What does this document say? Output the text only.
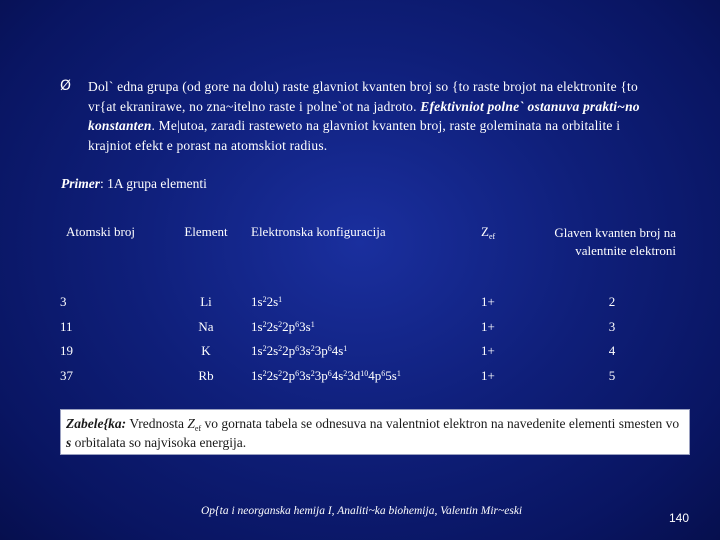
Ø Dol` edna grupa (od gore na dolu) raste glavniot kvanten broj so {to raste brojot na elektronite {to vr{at ekranirawe, no zna~itelno raste i polne`ot na jadroto. Efektivniot polne` ostanuva prakti~no konstanten. Me|utoa, zaradi rasteweto na glavniot kvanten broj, raste goleminata na orbitalite i krajniot efekt e porast na atomskiot radius.
Primer: 1A grupa elementi
Atomski broj	Element	Elektronska konfiguracija	$Z_{ef}$	Glaven kvanten broj na
valentnite elektroni
3	Li	$1s^22s^1$	1+	2
11	Na	$1s^22s^22p^63s^1$	1+	3
19	K	$1s^22s^22p^63s^23p^64s^1$	1+	4
37	Rb	$1s^22s^22p^63s^23p^64s^23d^{10}4p^65s^1$	1+	5
Zabele{ka: Vrednosta $Z_{ef}$ vo gornata tabela se odnesuva na valentniot elektron na navedenite elementi smesten vo s orbitalata so najvisoka energija.
Op{ta i neorganska hemija I, Analiti~ka biohemija, Valentin Mir~eski	140
